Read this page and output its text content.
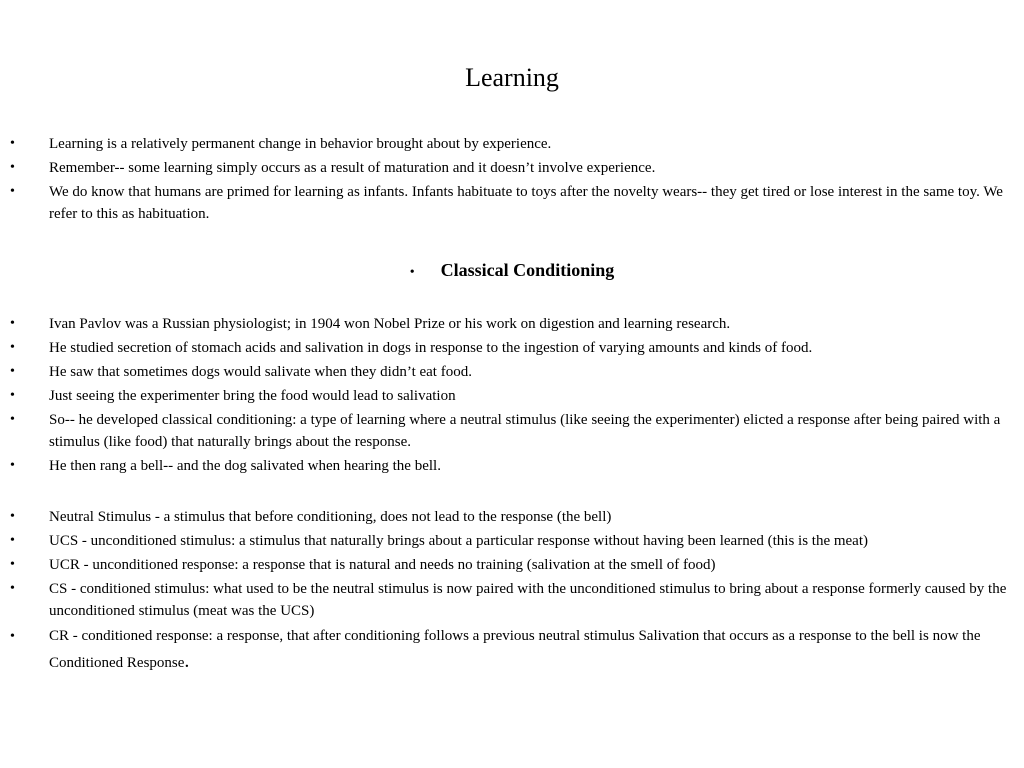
Learning
• Learning is a relatively permanent change in behavior brought about by experience.
• Remember-- some learning simply occurs as a result of maturation and it doesn’t involve experience.
• We do know that humans are primed for learning as infants. Infants habituate to toys after the novelty wears-- they get tired or lose interest in the same toy. We refer to this as habituation.
• Classical Conditioning
• Ivan Pavlov was a Russian physiologist; in 1904 won Nobel Prize or his work on digestion and learning research.
• He studied secretion of stomach acids and salivation in dogs in response to the ingestion of varying amounts and kinds of food.
• He saw that sometimes dogs would salivate when they didn’t eat food.
• Just seeing the experimenter bring the food would lead to salivation
• So-- he developed classical conditioning: a type of learning where a neutral stimulus (like seeing the experimenter) elicted a response after being paired with a stimulus (like food) that naturally brings about the response.
• He then rang a bell-- and the dog salivated when hearing the bell.
• Neutral Stimulus - a stimulus that before conditioning, does not lead to the response (the bell)
• UCS - unconditioned stimulus: a stimulus that naturally brings about a particular response without having been learned (this is the meat)
• UCR - unconditioned response: a response that is natural and needs no training (salivation at the smell of food)
• CS - conditioned stimulus: what used to be the neutral stimulus is now paired with the unconditioned stimulus to bring about a response formerly caused by the unconditioned stimulus (meat was the UCS)
• CR - conditioned response: a response, that after conditioning follows a previous neutral stimulus Salivation that occurs as a response to the bell is now the Conditioned Response.
